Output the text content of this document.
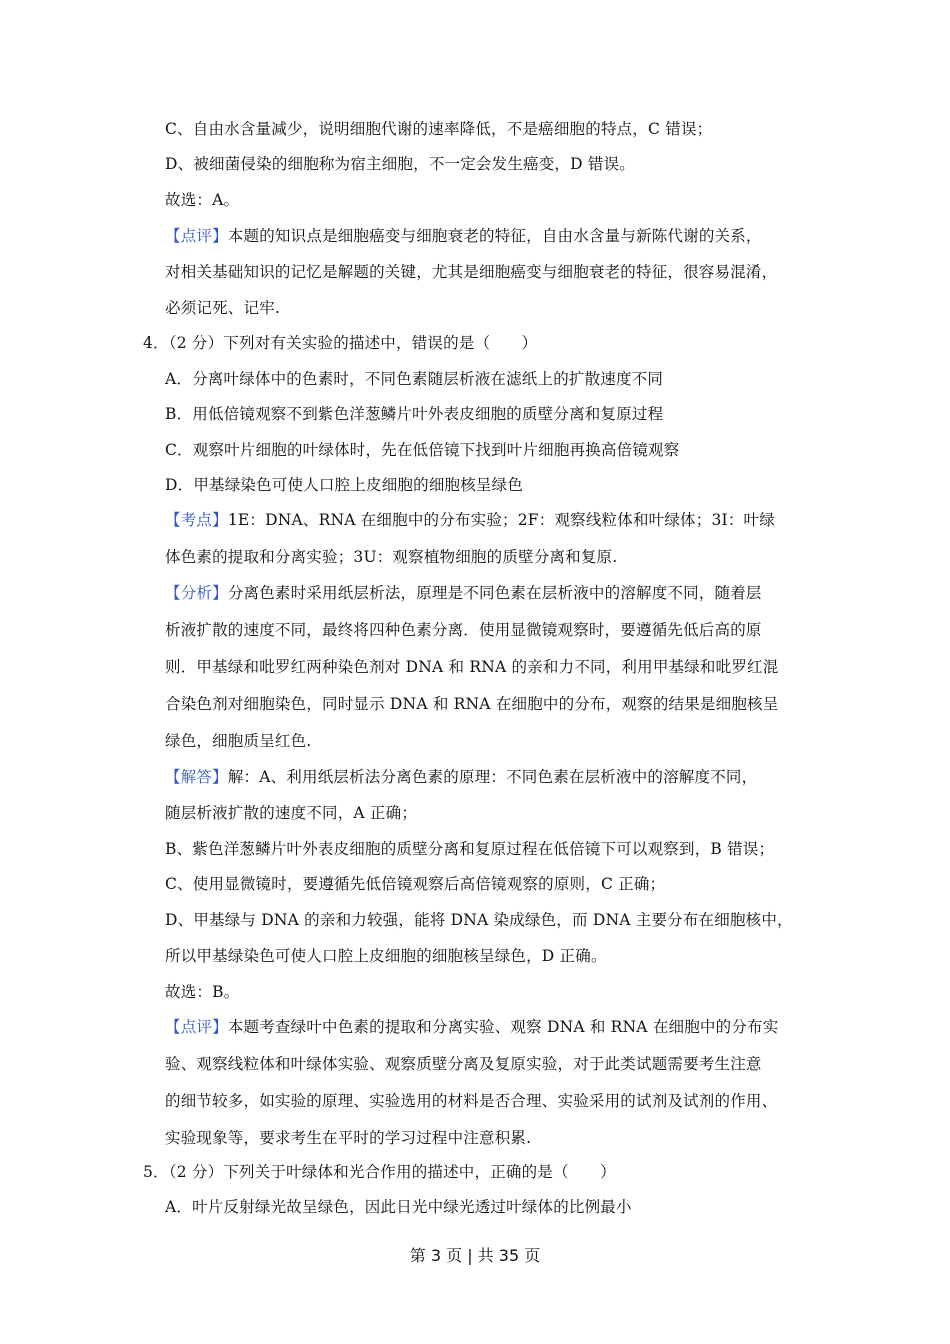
C、自由水含量减少，说明细胞代谢的速率降低，不是癌细胞的特点，C 错误；
D、被细菌侵染的细胞称为宿主细胞，不一定会发生癌变，D 错误。
故选：A。
【点评】本题的知识点是细胞癌变与细胞衰老的特征，自由水含量与新陈代谢的关系，
对相关基础知识的记忆是解题的关键，尤其是细胞癌变与细胞衰老的特征，很容易混淆，
必须记死、记牢.
4．（2 分）下列对有关实验的描述中，错误的是（　　）
A．分离叶绿体中的色素时，不同色素随层析液在滤纸上的扩散速度不同
B．用低倍镜观察不到紫色洋葱鳞片叶外表皮细胞的质壁分离和复原过程
C．观察叶片细胞的叶绿体时，先在低倍镜下找到叶片细胞再换高倍镜观察
D．甲基绿染色可使人口腔上皮细胞的细胞核呈绿色
【考点】1E：DNA、RNA 在细胞中的分布实验；2F：观察线粒体和叶绿体；3I：叶绿
体色素的提取和分离实验；3U：观察植物细胞的质壁分离和复原.
【分析】分离色素时采用纸层析法，原理是不同色素在层析液中的溶解度不同，随着层
析液扩散的速度不同，最终将四种色素分离．使用显微镜观察时，要遵循先低后高的原
则．甲基绿和吡罗红两种染色剂对 DNA 和 RNA 的亲和力不同，利用甲基绿和吡罗红混
合染色剂对细胞染色，同时显示 DNA 和 RNA 在细胞中的分布，观察的结果是细胞核呈
绿色，细胞质呈红色.
【解答】解：A、利用纸层析法分离色素的原理：不同色素在层析液中的溶解度不同，
随层析液扩散的速度不同，A 正确；
B、紫色洋葱鳞片叶外表皮细胞的质壁分离和复原过程在低倍镜下可以观察到，B 错误；
C、使用显微镜时，要遵循先低倍镜观察后高倍镜观察的原则，C 正确；
D、甲基绿与 DNA 的亲和力较强，能将 DNA 染成绿色，而 DNA 主要分布在细胞核中，
所以甲基绿染色可使人口腔上皮细胞的细胞核呈绿色，D 正确。
故选：B。
【点评】本题考查绿叶中色素的提取和分离实验、观察 DNA 和 RNA 在细胞中的分布实
验、观察线粒体和叶绿体实验、观察质壁分离及复原实验，对于此类试题需要考生注意
的细节较多，如实验的原理、实验选用的材料是否合理、实验采用的试剂及试剂的作用、
实验现象等，要求考生在平时的学习过程中注意积累.
5．（2 分）下列关于叶绿体和光合作用的描述中，正确的是（　　）
A．叶片反射绿光故呈绿色，因此日光中绿光透过叶绿体的比例最小
第 3 页 | 共 35 页
